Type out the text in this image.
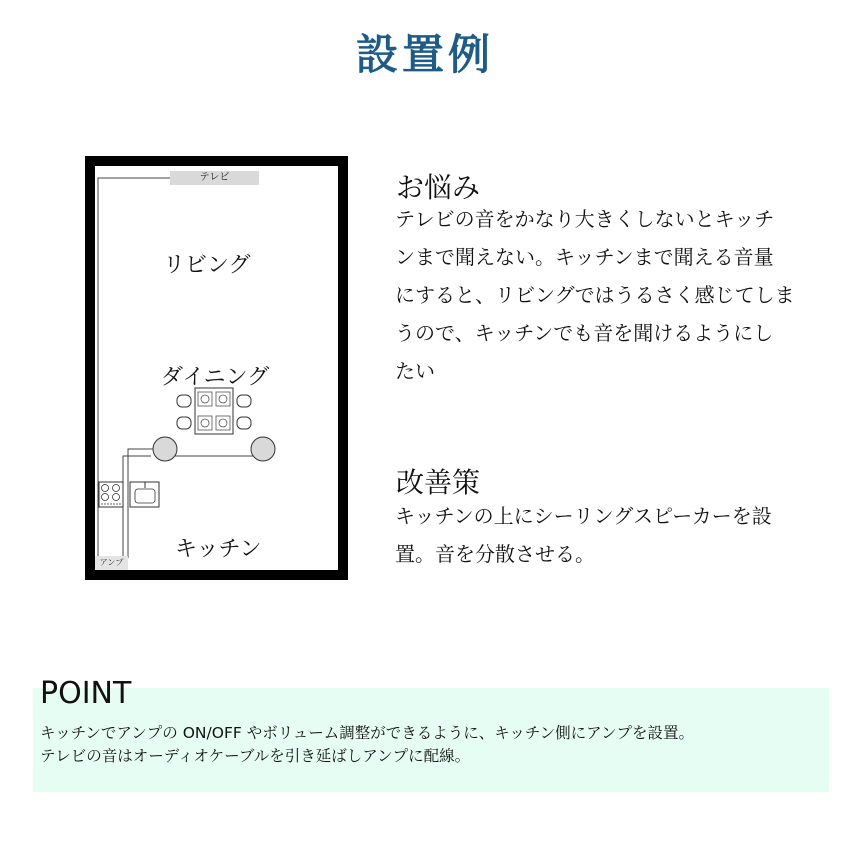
設置例
テレビ
リビング
ダイニング
キッチン
アンプ
お悩み

テレビの音をかなり大きくしないとキッチ

ンまで聞えない。キッチンまで聞える音量

にすると、リビングではうるさく感じてしま

うので、キッチンでも音を聞けるようにし

たい

改善策

キッチンの上にシーリングスピーカーを設

置。音を分散させる。

POINT

キッチンでアンプの ON/OFF やボリューム調整ができるように、キッチン側にアンプを設置。

テレビの音はオーディオケーブルを引き延ばしアンプに配線。
